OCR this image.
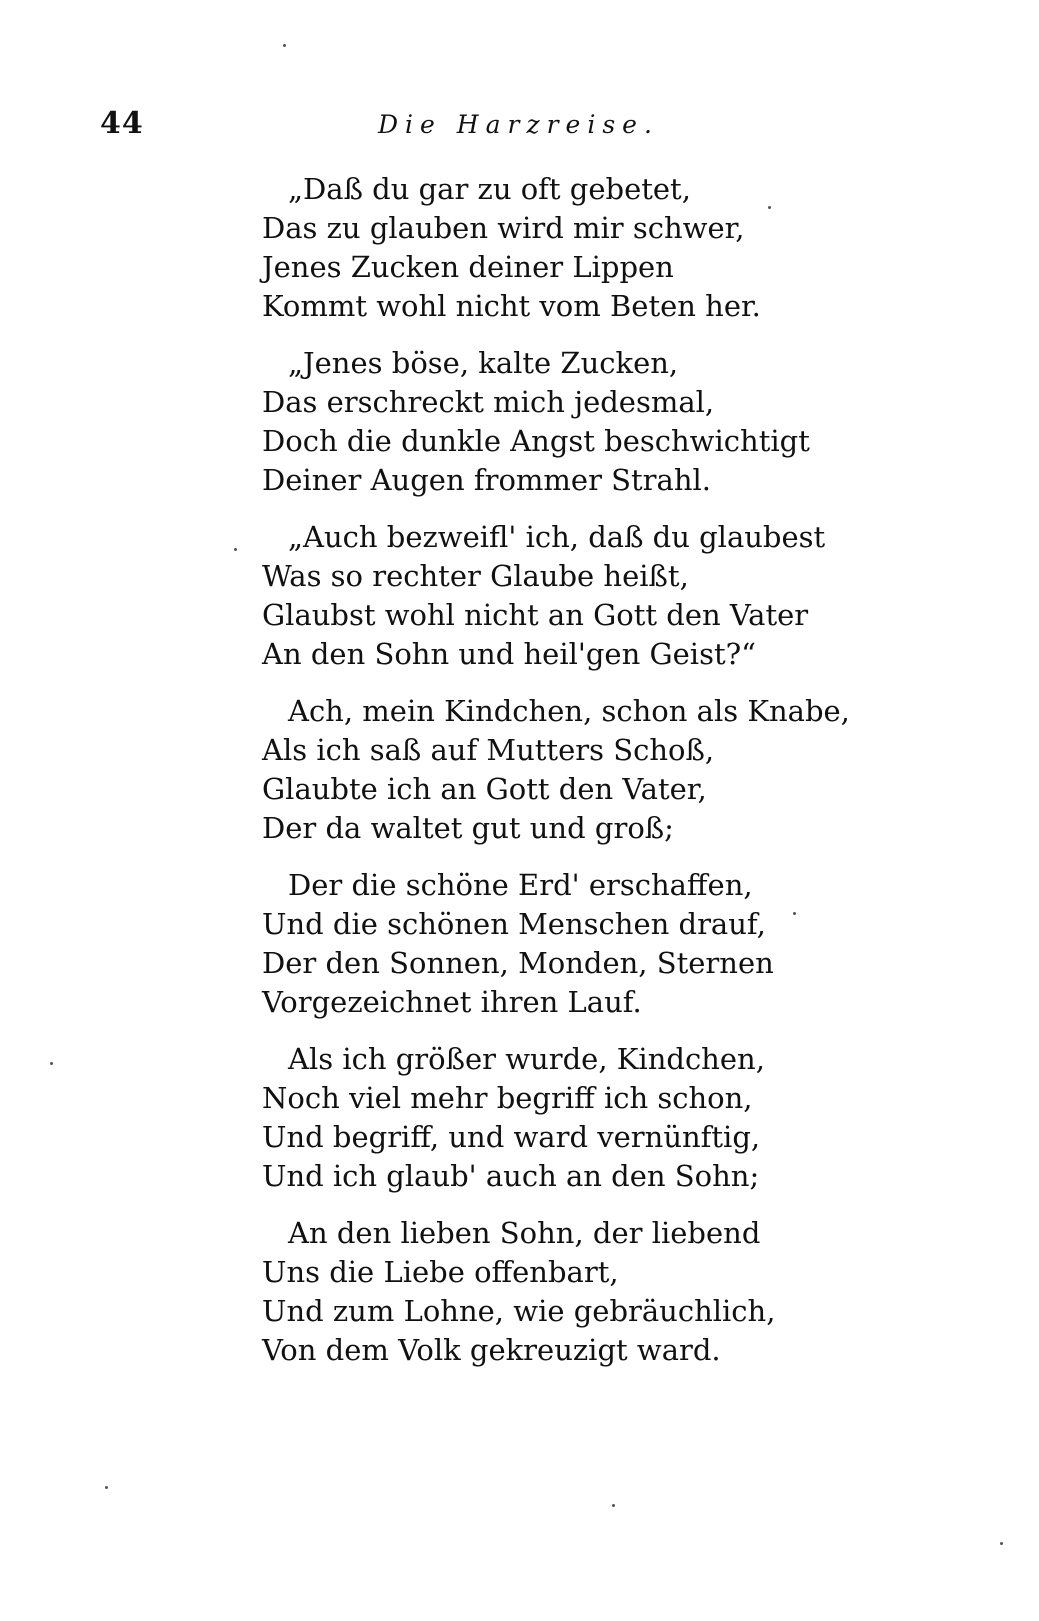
44	Die Harzreise.
„Daß du gar zu oft gebetet,
Das zu glauben wird mir schwer,
Jenes Zucken deiner Lippen
Kommt wohl nicht vom Beten her.
„Jenes böse, kalte Zucken,
Das erschreckt mich jedesmal,
Doch die dunkle Angst beschwichtigt
Deiner Augen frommer Strahl.
„Auch bezweifl' ich, daß du glaubest
Was so rechter Glaube heißt,
Glaubst wohl nicht an Gott den Vater
An den Sohn und heil'gen Geist?“
Ach, mein Kindchen, schon als Knabe,
Als ich saß auf Mutters Schoß,
Glaubte ich an Gott den Vater,
Der da waltet gut und groß;
Der die schöne Erd' erschaffen,
Und die schönen Menschen drauf,
Der den Sonnen, Monden, Sternen
Vorgezeichnet ihren Lauf.
Als ich größer wurde, Kindchen,
Noch viel mehr begriff ich schon,
Und begriff, und ward vernünftig,
Und ich glaub' auch an den Sohn;
An den lieben Sohn, der liebend
Uns die Liebe offenbart,
Und zum Lohne, wie gebräuchlich,
Von dem Volk gekreuzigt ward.
